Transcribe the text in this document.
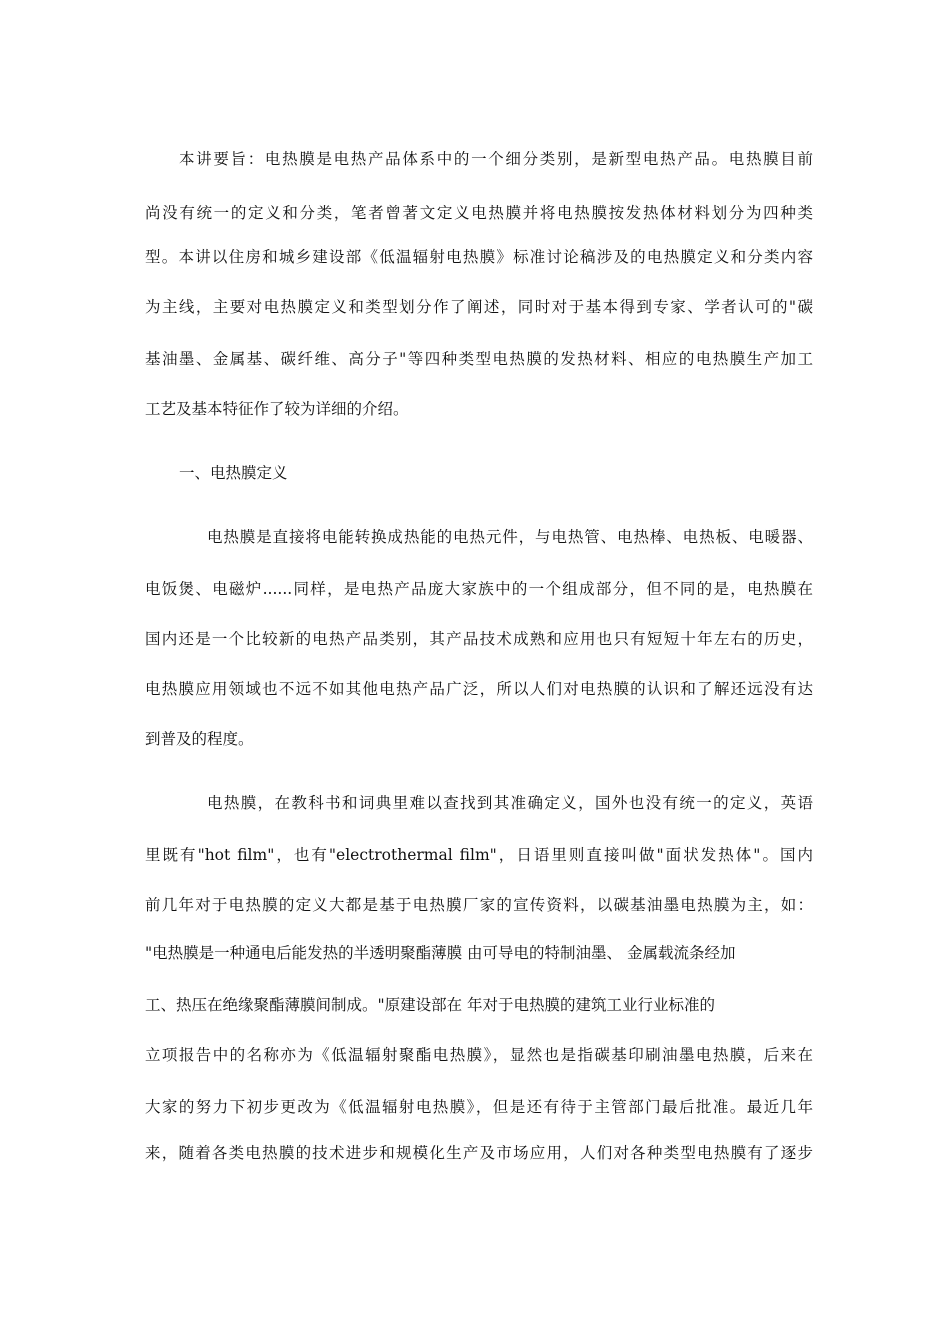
本讲要旨：电热膜是电热产品体系中的一个细分类别，是新型电热产品。电热膜目前
尚没有统一的定义和分类，笔者曾著文定义电热膜并将电热膜按发热体材料划分为四种类
型。本讲以住房和城乡建设部《低温辐射电热膜》标准讨论稿涉及的电热膜定义和分类内容
为主线，主要对电热膜定义和类型划分作了阐述，同时对于基本得到专家、学者认可的"碳
基油墨、金属基、碳纤维、高分子"等四种类型电热膜的发热材料、相应的电热膜生产加工
工艺及基本特征作了较为详细的介绍。
一、电热膜定义
电热膜是直接将电能转换成热能的电热元件，与电热管、电热棒、电热板、电暖器、
电饭煲、电磁炉......同样，是电热产品庞大家族中的一个组成部分，但不同的是，电热膜在
国内还是一个比较新的电热产品类别，其产品技术成熟和应用也只有短短十年左右的历史，
电热膜应用领域也不远不如其他电热产品广泛，所以人们对电热膜的认识和了解还远没有达
到普及的程度。
电热膜，在教科书和词典里难以查找到其准确定义，国外也没有统一的定义，英语
里既有"hot film"，也有"electrothermal film"，日语里则直接叫做"面状发热体"。国内
前几年对于电热膜的定义大都是基于电热膜厂家的宣传资料，以碳基油墨电热膜为主，如：
"电热膜是一种通电后能发热的半透明聚酯薄膜 由可导电的特制油墨、 金属载流条经加
工、热压在绝缘聚酯薄膜间制成。"原建设部在 年对于电热膜的建筑工业行业标准的
立项报告中的名称亦为《低温辐射聚酯电热膜》，显然也是指碳基印刷油墨电热膜，后来在
大家的努力下初步更改为《低温辐射电热膜》，但是还有待于主管部门最后批准。最近几年
来，随着各类电热膜的技术进步和规模化生产及市场应用，人们对各种类型电热膜有了逐步
